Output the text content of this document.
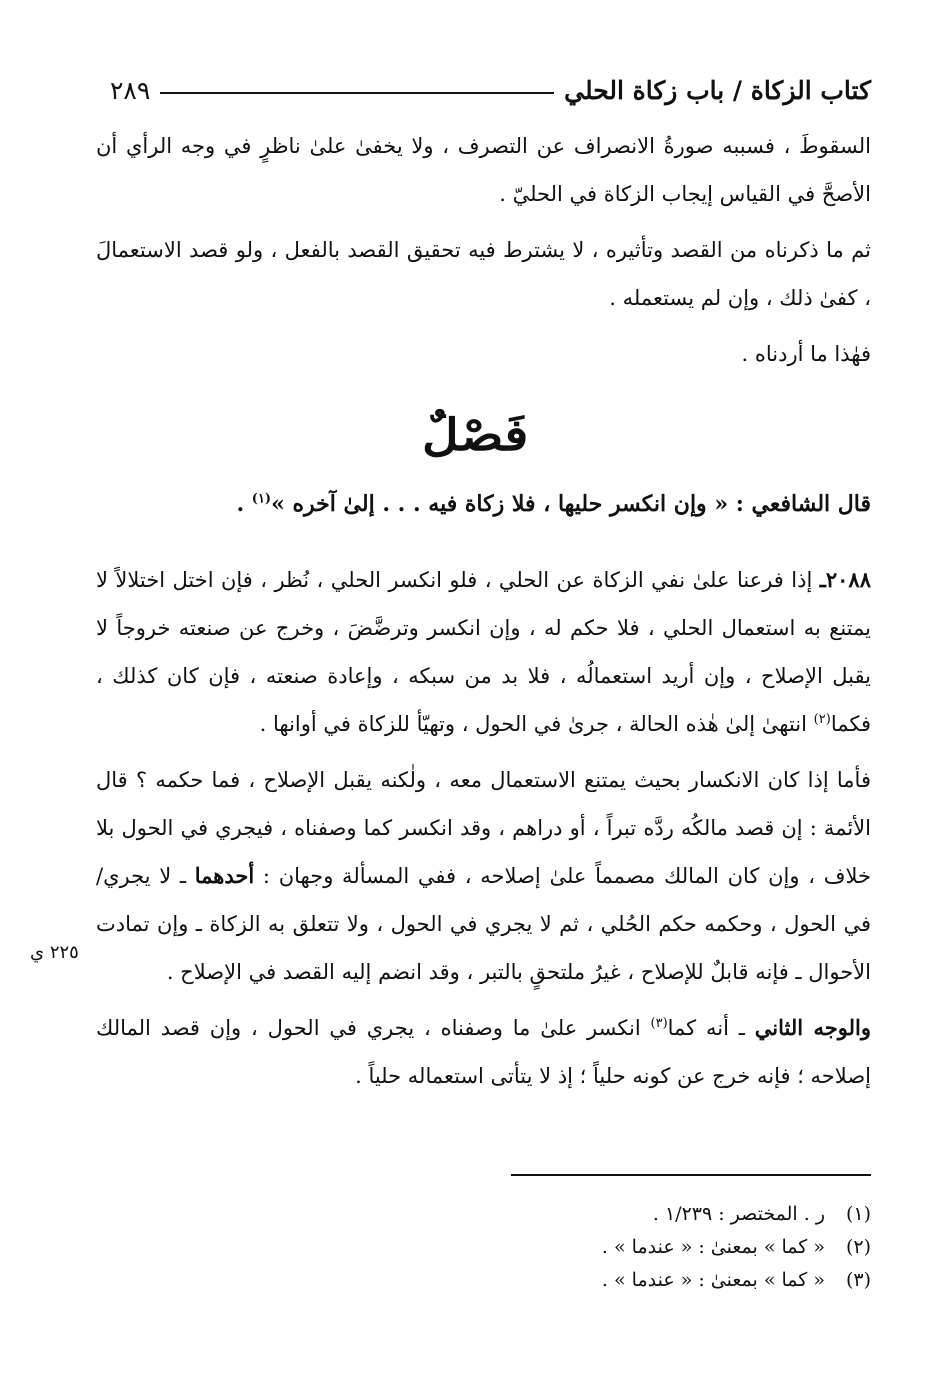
كتاب الزكاة / باب زكاة الحلي
٢٨٩

السقوطَ ، فسببه صورةُ الانصراف عن التصرف ، ولا يخفىٰ علىٰ ناظرٍ في وجه الرأي أن الأصحَّ في القياس إيجاب الزكاة في الحليّ .

ثم ما ذكرناه من القصد وتأثيره ، لا يشترط فيه تحقيق القصد بالفعل ، ولو قصد الاستعمالَ ، كفىٰ ذلك ، وإن لم يستعمله .

فهٰذا ما أردناه .

فَصْلٌ
قال الشافعي : « وإن انكسر حليها ، فلا زكاة فيه . . . إلىٰ آخره »$^{(١)}$ .

٢٠٨٨ـ إذا فرعنا علىٰ نفي الزكاة عن الحلي ، فلو انكسر الحلي ، نُظر ، فإن اختل اختلالاً لا يمتنع به استعمال الحلي ، فلا حكم له ، وإن انكسر وترضَّضَ ، وخرج عن صنعته خروجاً لا يقبل الإصلاح ، وإن أريد استعمالُه ، فلا بد من سبكه ، وإعادة صنعته ، فإن كان كذلك ، فكما$^{(٢)}$ انتهىٰ إلىٰ هٰذه الحالة ، جرىٰ في الحول ، وتهيّأ للزكاة في أوانها .

فأما إذا كان الانكسار بحيث يمتنع الاستعمال معه ، ولٰكنه يقبل الإصلاح ، فما حكمه ؟ قال الأئمة : إن قصد مالكُه ردَّه تبراً ، أو دراهم ، وقد انكسر كما وصفناه ، فيجري في الحول بلا خلاف ، وإن كان المالك مصمماً علىٰ إصلاحه ، ففي المسألة وجهان : أحدهما ـ لا يجري/ في الحول ، وحكمه حكم الحُلي ، ثم لا يجري في الحول ، ولا تتعلق به الزكاة ـ وإن تمادت الأحوال ـ فإنه قابلٌ للإصلاح ، غيرُ ملتحقٍ بالتبر ، وقد انضم إليه القصد في الإصلاح .

والوجه الثاني ـ أنه كما$^{(٣)}$ انكسر علىٰ ما وصفناه ، يجري في الحول ، وإن قصد المالك إصلاحه ؛ فإنه خرج عن كونه حلياً ؛ إذ لا يتأتى استعماله حلياً .

٢٢٥ ي
(١)
ر . المختصر : ١/٢٣٩ .
(٢)
« كما » بمعنىٰ : « عندما » .
(٣)
« كما » بمعنىٰ : « عندما » .
